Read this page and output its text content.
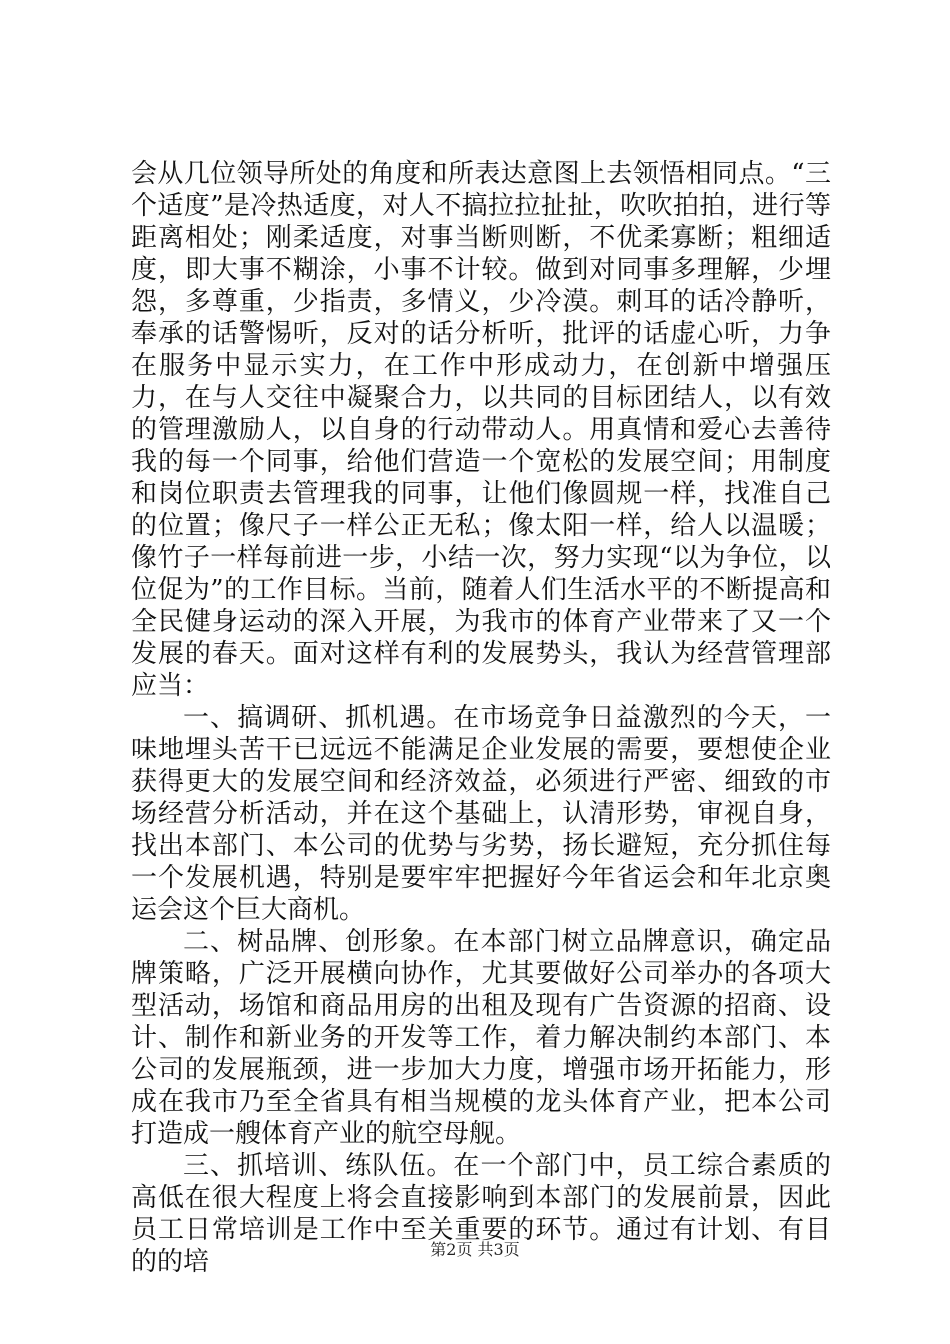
会从几位领导所处的角度和所表达意图上去领悟相同点。“三个适度”是冷热适度，对人不搞拉拉扯扯，吹吹拍拍，进行等距离相处；刚柔适度，对事当断则断，不优柔寡断；粗细适度，即大事不糊涂，小事不计较。做到对同事多理解，少埋怨，多尊重，少指责，多情义，少冷漠。刺耳的话冷静听，奉承的话警惕听，反对的话分析听，批评的话虚心听，力争在服务中显示实力，在工作中形成动力，在创新中增强压力，在与人交往中凝聚合力，以共同的目标团结人，以有效的管理激励人，以自身的行动带动人。用真情和爱心去善待我的每一个同事，给他们营造一个宽松的发展空间；用制度和岗位职责去管理我的同事，让他们像圆规一样，找准自己的位置；像尺子一样公正无私；像太阳一样，给人以温暖；像竹子一样每前进一步，小结一次，努力实现“以为争位，以位促为”的工作目标。当前，随着人们生活水平的不断提高和全民健身运动的深入开展，为我市的体育产业带来了又一个发展的春天。面对这样有利的发展势头，我认为经营管理部应当：

一、搞调研、抓机遇。在市场竞争日益激烈的今天，一味地埋头苦干已远远不能满足企业发展的需要，要想使企业获得更大的发展空间和经济效益，必须进行严密、细致的市场经营分析活动，并在这个基础上，认清形势，审视自身，找出本部门、本公司的优势与劣势，扬长避短，充分抓住每一个发展机遇，特别是要牢牢把握好今年省运会和年北京奥运会这个巨大商机。

二、树品牌、创形象。在本部门树立品牌意识，确定品牌策略，广泛开展横向协作，尤其要做好公司举办的各项大型活动，场馆和商品用房的出租及现有广告资源的招商、设计、制作和新业务的开发等工作，着力解决制约本部门、本公司的发展瓶颈，进一步加大力度，增强市场开拓能力，形成在我市乃至全省具有相当规模的龙头体育产业，把本公司打造成一艘体育产业的航空母舰。

三、抓培训、练队伍。在一个部门中，员工综合素质的高低在很大程度上将会直接影响到本部门的发展前景，因此员工日常培训是工作中至关重要的环节。通过有计划、有目的的培	第2页 共3页
